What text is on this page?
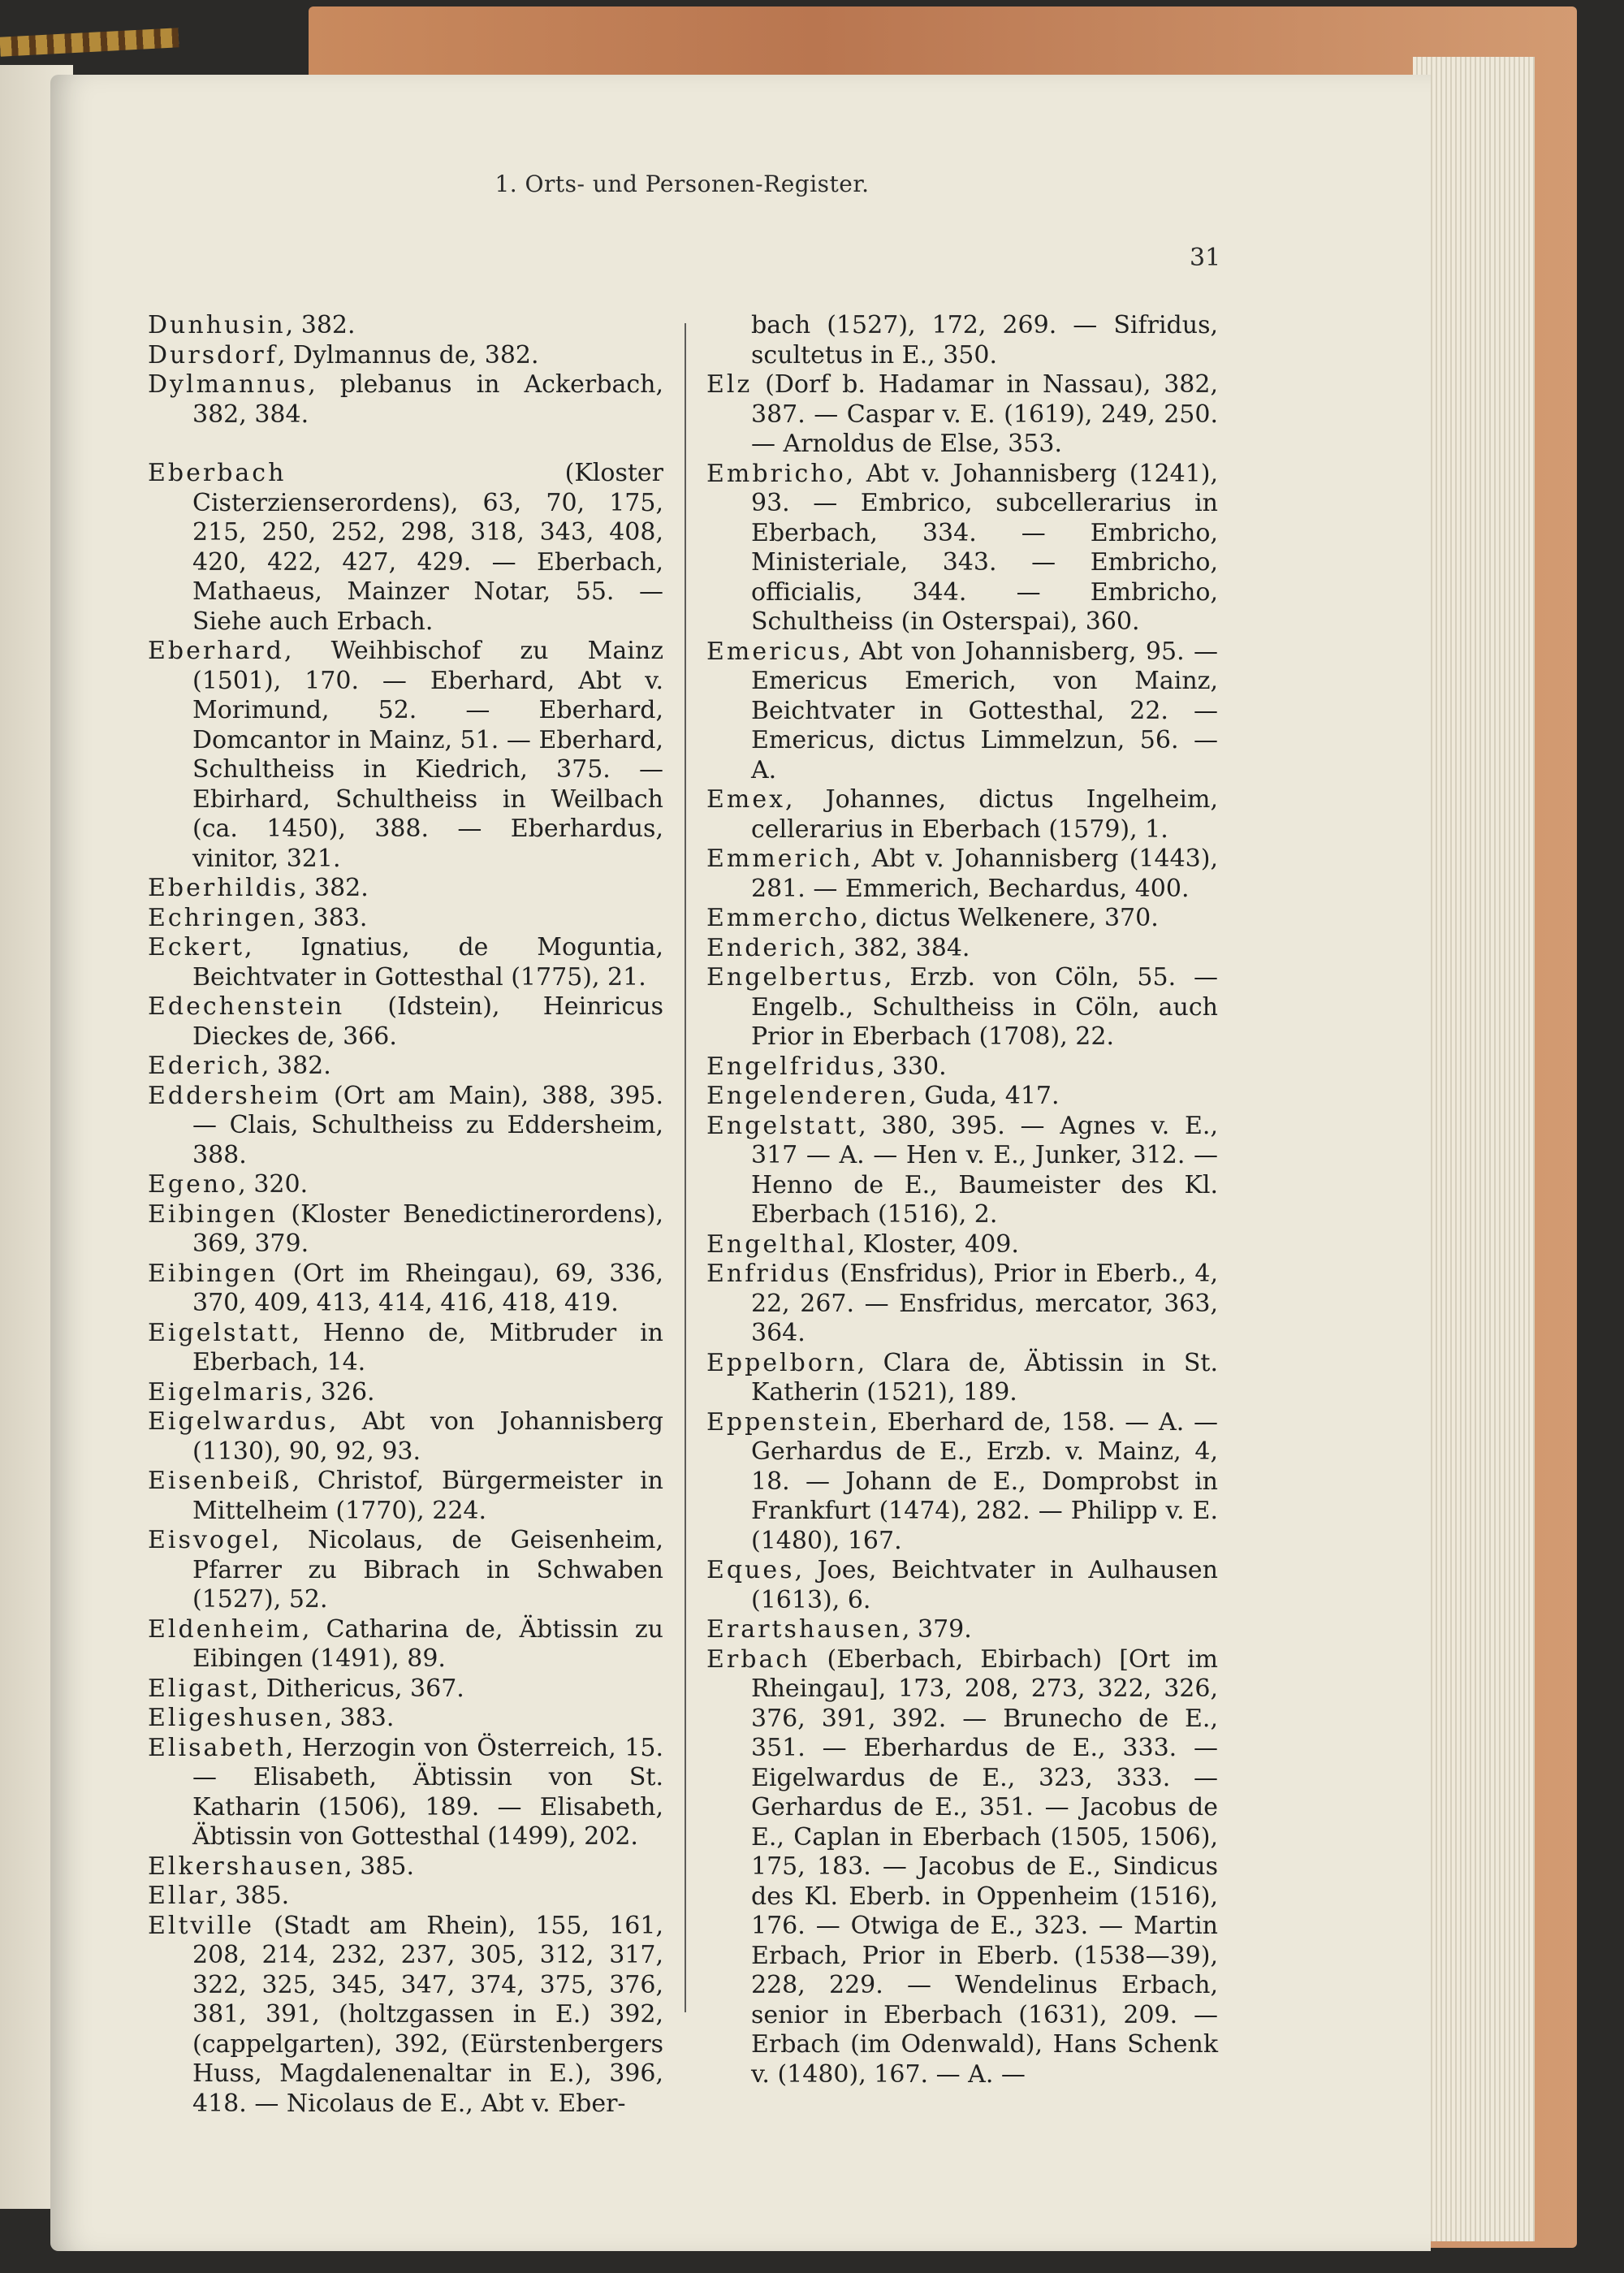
1. Orts- und Personen-Register.
31

Dunhusin, 382.

Dursdorf, Dylmannus de, 382.

Dylmannus, plebanus in Ackerbach, 382, 384.

Eberbach (Kloster Cisterzienserordens), 63, 70, 175, 215, 250, 252, 298, 318, 343, 408, 420, 422, 427, 429. — Eberbach, Mathaeus, Mainzer Notar, 55. — Siehe auch Erbach.

Eberhard, Weihbischof zu Mainz (1501), 170. — Eberhard, Abt v. Morimund, 52. — Eberhard, Domcantor in Mainz, 51. — Eberhard, Schultheiss in Kiedrich, 375. — Ebirhard, Schultheiss in Weilbach (ca. 1450), 388. — Eberhardus, vinitor, 321.

Eberhildis, 382.

Echringen, 383.

Eckert, Ignatius, de Moguntia, Beichtvater in Gottesthal (1775), 21.

Edechenstein (Idstein), Heinricus Dieckes de, 366.

Ederich, 382.

Eddersheim (Ort am Main), 388, 395. — Clais, Schultheiss zu Eddersheim, 388.

Egeno, 320.

Eibingen (Kloster Benedictinerordens), 369, 379.

Eibingen (Ort im Rheingau), 69, 336, 370, 409, 413, 414, 416, 418, 419.

Eigelstatt, Henno de, Mitbruder in Eberbach, 14.

Eigelmaris, 326.

Eigelwardus, Abt von Johannisberg (1130), 90, 92, 93.

Eisenbeiß, Christof, Bürgermeister in Mittelheim (1770), 224.

Eisvogel, Nicolaus, de Geisenheim, Pfarrer zu Bibrach in Schwaben (1527), 52.

Eldenheim, Catharina de, Äbtissin zu Eibingen (1491), 89.

Eligast, Dithericus, 367.

Eligeshusen, 383.

Elisabeth, Herzogin von Österreich, 15. — Elisabeth, Äbtissin von St. Katharin (1506), 189. — Elisabeth, Äbtissin von Gottesthal (1499), 202.

Elkershausen, 385.

Ellar, 385.

Eltville (Stadt am Rhein), 155, 161, 208, 214, 232, 237, 305, 312, 317, 322, 325, 345, 347, 374, 375, 376, 381, 391, (holtzgassen in E.) 392, (cappelgarten), 392, (Eürstenbergers Huss, Magdalenenaltar in E.), 396, 418. — Nicolaus de E., Abt v. Eber-

bach (1527), 172, 269. — Sifridus, scultetus in E., 350.

Elz (Dorf b. Hadamar in Nassau), 382, 387. — Caspar v. E. (1619), 249, 250. — Arnoldus de Else, 353.

Embricho, Abt v. Johannisberg (1241), 93. — Embrico, subcellerarius in Eberbach, 334. — Embricho, Ministeriale, 343. — Embricho, officialis, 344. — Embricho, Schultheiss (in Osterspai), 360.

Emericus, Abt von Johannisberg, 95. — Emericus Emerich, von Mainz, Beichtvater in Gottesthal, 22. — Emericus, dictus Limmelzun, 56. — A.

Emex, Johannes, dictus Ingelheim, cellerarius in Eberbach (1579), 1.

Emmerich, Abt v. Johannisberg (1443), 281. — Emmerich, Bechardus, 400.

Emmercho, dictus Welkenere, 370.

Enderich, 382, 384.

Engelbertus, Erzb. von Cöln, 55. — Engelb., Schultheiss in Cöln, auch Prior in Eberbach (1708), 22.

Engelfridus, 330.

Engelenderen, Guda, 417.

Engelstatt, 380, 395. — Agnes v. E., 317 — A. — Hen v. E., Junker, 312. — Henno de E., Baumeister des Kl. Eberbach (1516), 2.

Engelthal, Kloster, 409.

Enfridus (Ensfridus), Prior in Eberb., 4, 22, 267. — Ensfridus, mercator, 363, 364.

Eppelborn, Clara de, Äbtissin in St. Katherin (1521), 189.

Eppenstein, Eberhard de, 158. — A. — Gerhardus de E., Erzb. v. Mainz, 4, 18. — Johann de E., Domprobst in Frankfurt (1474), 282. — Philipp v. E. (1480), 167.

Eques, Joes, Beichtvater in Aulhausen (1613), 6.

Erartshausen, 379.

Erbach (Eberbach, Ebirbach) [Ort im Rheingau], 173, 208, 273, 322, 326, 376, 391, 392. — Brunecho de E., 351. — Eberhardus de E., 333. — Eigelwardus de E., 323, 333. — Gerhardus de E., 351. — Jacobus de E., Caplan in Eberbach (1505, 1506), 175, 183. — Jacobus de E., Sindicus des Kl. Eberb. in Oppenheim (1516), 176. — Otwiga de E., 323. — Martin Erbach, Prior in Eberb. (1538—39), 228, 229. — Wendelinus Erbach, senior in Eberbach (1631), 209. — Erbach (im Odenwald), Hans Schenk v. (1480), 167. — A. —
